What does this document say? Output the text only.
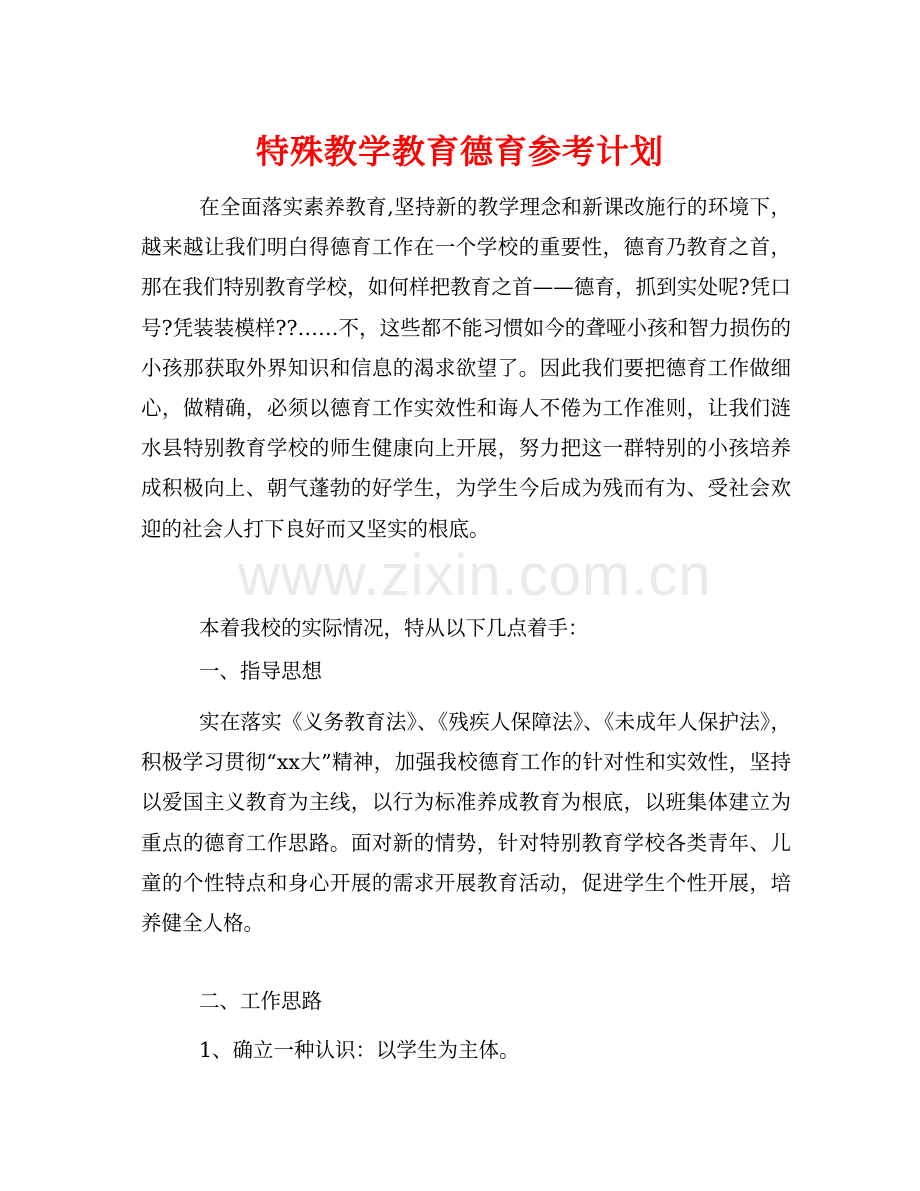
特殊教学教育德育参考计划

在全面落实素养教育,坚持新的教学理念和新课改施行的环境下，越来越让我们明白得德育工作在一个学校的重要性，德育乃教育之首，那在我们特别教育学校，如何样把教育之首——德育，抓到实处呢?凭口号?凭装装模样??……不，这些都不能习惯如今的聋哑小孩和智力损伤的小孩那获取外界知识和信息的渴求欲望了。因此我们要把德育工作做细心，做精确，必须以德育工作实效性和诲人不倦为工作准则，让我们涟水县特别教育学校的师生健康向上开展，努力把这一群特别的小孩培养成积极向上、朝气蓬勃的好学生，为学生今后成为残而有为、受社会欢迎的社会人打下良好而又坚实的根底。

本着我校的实际情况，特从以下几点着手：

一、指导思想

实在落实《义务教育法》、《残疾人保障法》、《未成年人保护法》，积极学习贯彻“xx大”精神，加强我校德育工作的针对性和实效性，坚持以爱国主义教育为主线，以行为标准养成教育为根底，以班集体建立为重点的德育工作思路。面对新的情势，针对特别教育学校各类青年、儿童的个性特点和身心开展的需求开展教育活动，促进学生个性开展，培养健全人格。

二、工作思路

1、确立一种认识：以学生为主体。

www.zixin.com.cn
